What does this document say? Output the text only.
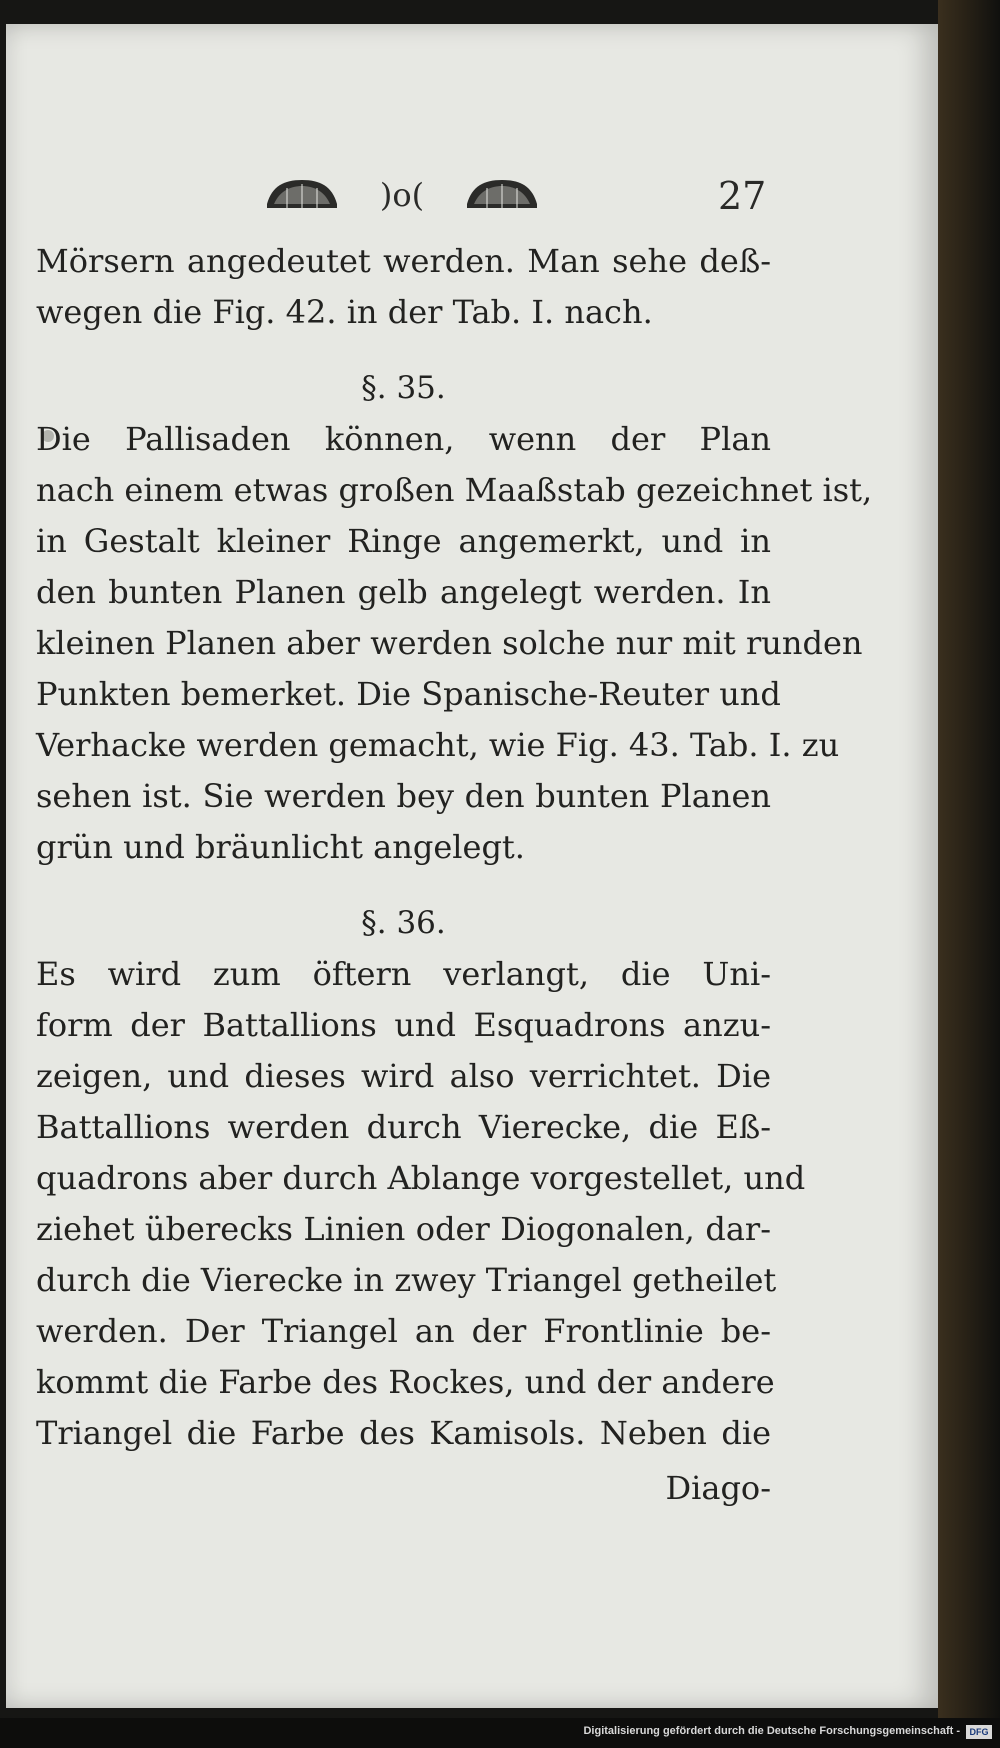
)o(	27
Mörsern angedeutet werden. Man sehe deß-
wegen die Fig. 42. in der Tab. I. nach.
§. 35.
Die Pallisaden können, wenn der Plan
nach einem etwas großen Maaßstab gezeichnet ist,
in Gestalt kleiner Ringe angemerkt, und in
den bunten Planen gelb angelegt werden. In
kleinen Planen aber werden solche nur mit runden
Punkten bemerket. Die Spanische-Reuter und
Verhacke werden gemacht, wie Fig. 43. Tab. I. zu
sehen ist. Sie werden bey den bunten Planen
grün und bräunlicht angelegt.
§. 36.
Es wird zum öftern verlangt, die Uni-
form der Battallions und Esquadrons anzu-
zeigen, und dieses wird also verrichtet. Die
Battallions werden durch Vierecke, die Eß-
quadrons aber durch Ablange vorgestellet, und
ziehet überecks Linien oder Diogonalen, dar-
durch die Vierecke in zwey Triangel getheilet
werden. Der Triangel an der Frontlinie be-
kommt die Farbe des Rockes, und der andere
Triangel die Farbe des Kamisols. Neben die
Diago-
Digitalisierung gefördert durch die Deutsche Forschungsgemeinschaft -	DFG
